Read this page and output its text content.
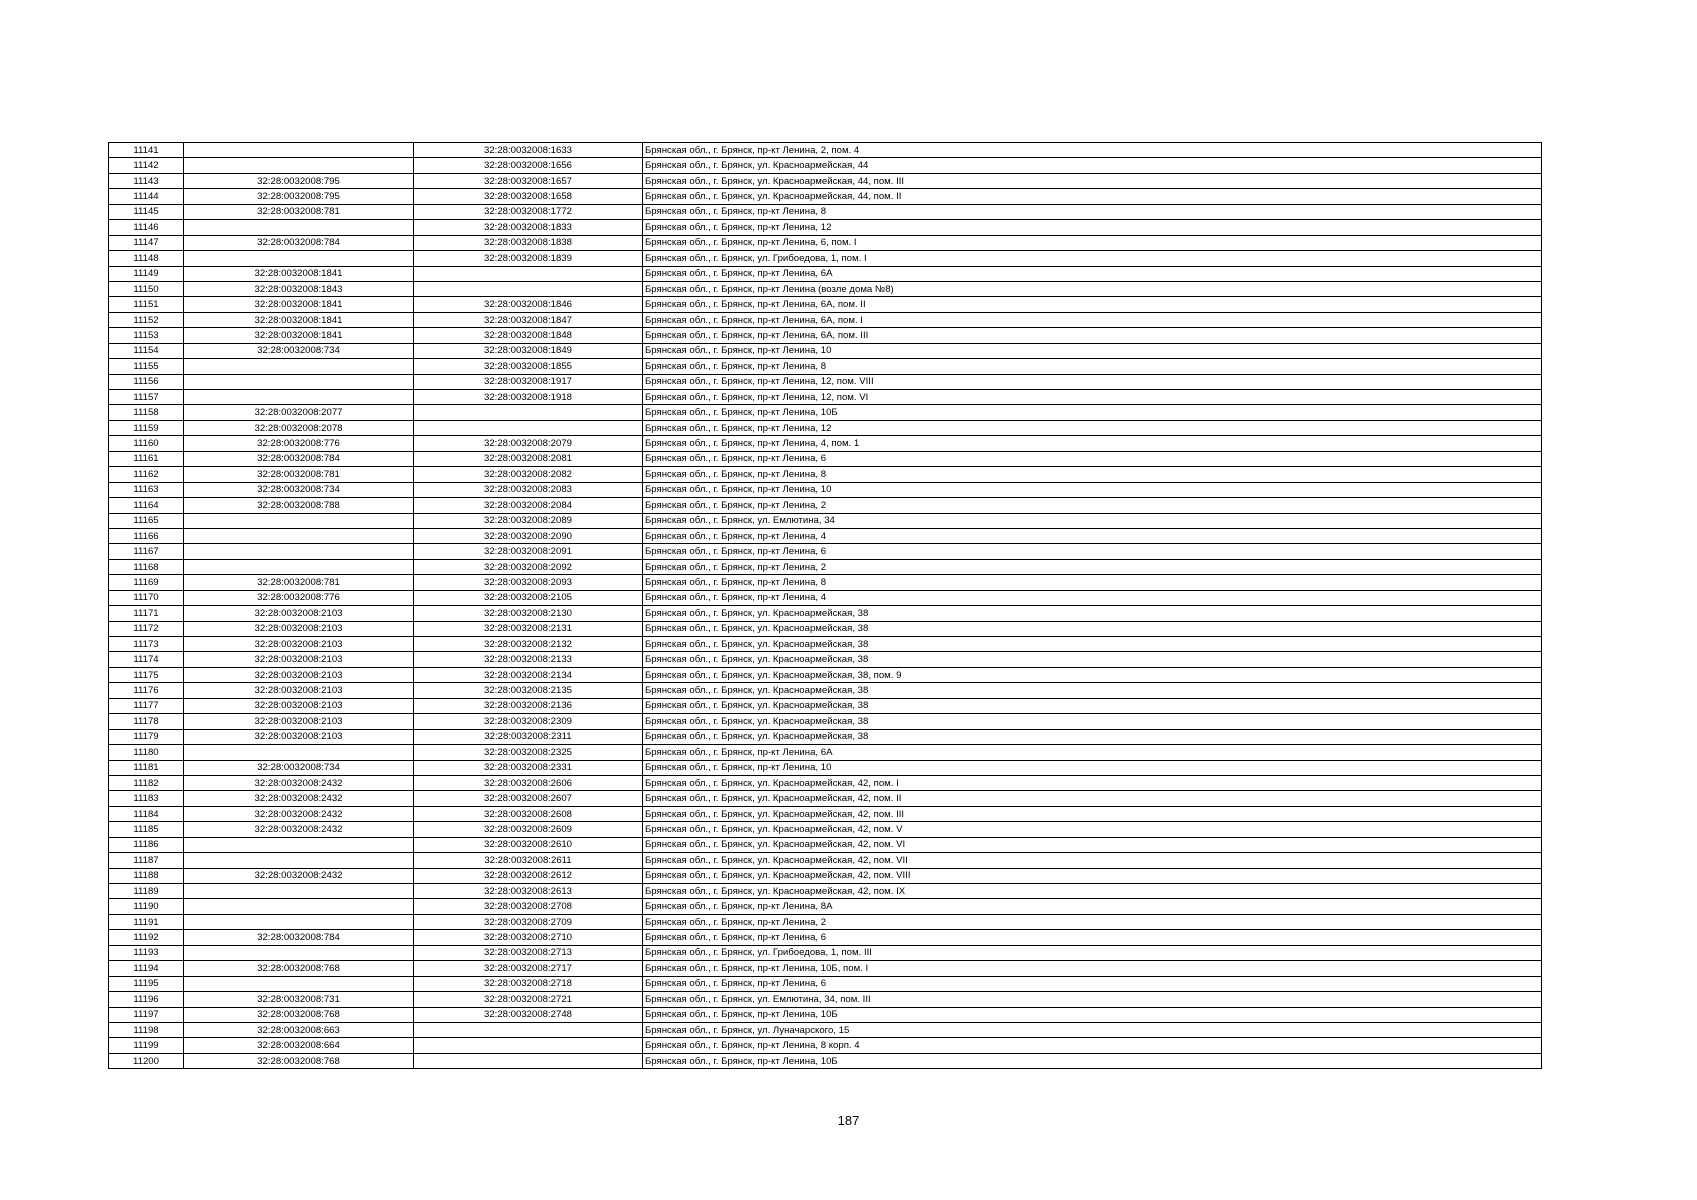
11141		32:28:0032008:1633	Брянская обл., г. Брянск, пр-кт Ленина, 2, пом. 4
11142		32:28:0032008:1656	Брянская обл., г. Брянск, ул. Красноармейская, 44
11143	32:28:0032008:795	32:28:0032008:1657	Брянская обл., г. Брянск, ул. Красноармейская, 44, пом. III
11144	32:28:0032008:795	32:28:0032008:1658	Брянская обл., г. Брянск, ул. Красноармейская, 44, пом. II
11145	32:28:0032008:781	32:28:0032008:1772	Брянская обл., г. Брянск, пр-кт Ленина, 8
11146		32:28:0032008:1833	Брянская обл., г. Брянск, пр-кт Ленина, 12
11147	32:28:0032008:784	32:28:0032008:1838	Брянская обл., г. Брянск, пр-кт Ленина, 6, пом. I
11148		32:28:0032008:1839	Брянская обл., г. Брянск, ул. Грибоедова, 1, пом. I
11149	32:28:0032008:1841		Брянская обл., г. Брянск, пр-кт Ленина, 6А
11150	32:28:0032008:1843		Брянская обл., г. Брянск, пр-кт Ленина (возле дома №8)
11151	32:28:0032008:1841	32:28:0032008:1846	Брянская обл., г. Брянск, пр-кт Ленина, 6А, пом. II
11152	32:28:0032008:1841	32:28:0032008:1847	Брянская обл., г. Брянск, пр-кт Ленина, 6А, пом. I
11153	32:28:0032008:1841	32:28:0032008:1848	Брянская обл., г. Брянск, пр-кт Ленина, 6А, пом. III
11154	32:28:0032008:734	32:28:0032008:1849	Брянская обл., г. Брянск, пр-кт Ленина, 10
11155		32:28:0032008:1855	Брянская обл., г. Брянск, пр-кт Ленина, 8
11156		32:28:0032008:1917	Брянская обл., г. Брянск, пр-кт Ленина, 12, пом. VIII
11157		32:28:0032008:1918	Брянская обл., г. Брянск, пр-кт Ленина, 12, пом. VI
11158	32:28:0032008:2077		Брянская обл., г. Брянск, пр-кт Ленина, 10Б
11159	32:28:0032008:2078		Брянская обл., г. Брянск, пр-кт Ленина, 12
11160	32:28:0032008:776	32:28:0032008:2079	Брянская обл., г. Брянск, пр-кт Ленина, 4, пом. 1
11161	32:28:0032008:784	32:28:0032008:2081	Брянская обл., г. Брянск, пр-кт Ленина, 6
11162	32:28:0032008:781	32:28:0032008:2082	Брянская обл., г. Брянск, пр-кт Ленина, 8
11163	32:28:0032008:734	32:28:0032008:2083	Брянская обл., г. Брянск, пр-кт Ленина, 10
11164	32:28:0032008:788	32:28:0032008:2084	Брянская обл., г. Брянск, пр-кт Ленина, 2
11165		32:28:0032008:2089	Брянская обл., г. Брянск, ул. Емлютина, 34
11166		32:28:0032008:2090	Брянская обл., г. Брянск, пр-кт Ленина, 4
11167		32:28:0032008:2091	Брянская обл., г. Брянск, пр-кт Ленина, 6
11168		32:28:0032008:2092	Брянская обл., г. Брянск, пр-кт Ленина, 2
11169	32:28:0032008:781	32:28:0032008:2093	Брянская обл., г. Брянск, пр-кт Ленина, 8
11170	32:28:0032008:776	32:28:0032008:2105	Брянская обл., г. Брянск, пр-кт Ленина, 4
11171	32:28:0032008:2103	32:28:0032008:2130	Брянская обл., г. Брянск, ул. Красноармейская, 38
11172	32:28:0032008:2103	32:28:0032008:2131	Брянская обл., г. Брянск, ул. Красноармейская, 38
11173	32:28:0032008:2103	32:28:0032008:2132	Брянская обл., г. Брянск, ул. Красноармейская, 38
11174	32:28:0032008:2103	32:28:0032008:2133	Брянская обл., г. Брянск, ул. Красноармейская, 38
11175	32:28:0032008:2103	32:28:0032008:2134	Брянская обл., г. Брянск, ул. Красноармейская, 38, пом. 9
11176	32:28:0032008:2103	32:28:0032008:2135	Брянская обл., г. Брянск, ул. Красноармейская, 38
11177	32:28:0032008:2103	32:28:0032008:2136	Брянская обл., г. Брянск, ул. Красноармейская, 38
11178	32:28:0032008:2103	32:28:0032008:2309	Брянская обл., г. Брянск, ул. Красноармейская, 38
11179	32:28:0032008:2103	32:28:0032008:2311	Брянская обл., г. Брянск, ул. Красноармейская, 38
11180		32:28:0032008:2325	Брянская обл., г. Брянск, пр-кт Ленина, 6А
11181	32:28:0032008:734	32:28:0032008:2331	Брянская обл., г. Брянск, пр-кт Ленина, 10
11182	32:28:0032008:2432	32:28:0032008:2606	Брянская обл., г. Брянск, ул. Красноармейская, 42, пом. I
11183	32:28:0032008:2432	32:28:0032008:2607	Брянская обл., г. Брянск, ул. Красноармейская, 42, пом. II
11184	32:28:0032008:2432	32:28:0032008:2608	Брянская обл., г. Брянск, ул. Красноармейская, 42, пом. III
11185	32:28:0032008:2432	32:28:0032008:2609	Брянская обл., г. Брянск, ул. Красноармейская, 42, пом. V
11186		32:28:0032008:2610	Брянская обл., г. Брянск, ул. Красноармейская, 42, пом. VI
11187		32:28:0032008:2611	Брянская обл., г. Брянск, ул. Красноармейская, 42, пом. VII
11188	32:28:0032008:2432	32:28:0032008:2612	Брянская обл., г. Брянск, ул. Красноармейская, 42, пом. VIII
11189		32:28:0032008:2613	Брянская обл., г. Брянск, ул. Красноармейская, 42, пом. IX
11190		32:28:0032008:2708	Брянская обл., г. Брянск, пр-кт Ленина, 8А
11191		32:28:0032008:2709	Брянская обл., г. Брянск, пр-кт Ленина, 2
11192	32:28:0032008:784	32:28:0032008:2710	Брянская обл., г. Брянск, пр-кт Ленина, 6
11193		32:28:0032008:2713	Брянская обл., г. Брянск, ул. Грибоедова, 1, пом. III
11194	32:28:0032008:768	32:28:0032008:2717	Брянская обл., г. Брянск, пр-кт Ленина, 10Б, пом. I
11195		32:28:0032008:2718	Брянская обл., г. Брянск, пр-кт Ленина, 6
11196	32:28:0032008:731	32:28:0032008:2721	Брянская обл., г. Брянск, ул. Емлютина, 34, пом. III
11197	32:28:0032008:768	32:28:0032008:2748	Брянская обл., г. Брянск, пр-кт Ленина, 10Б
11198	32:28:0032008:663		Брянская обл., г. Брянск, ул. Луначарского, 15
11199	32:28:0032008:664		Брянская обл., г. Брянск, пр-кт Ленина, 8 корп. 4
11200	32:28:0032008:768		Брянская обл., г. Брянск, пр-кт Ленина, 10Б
187
